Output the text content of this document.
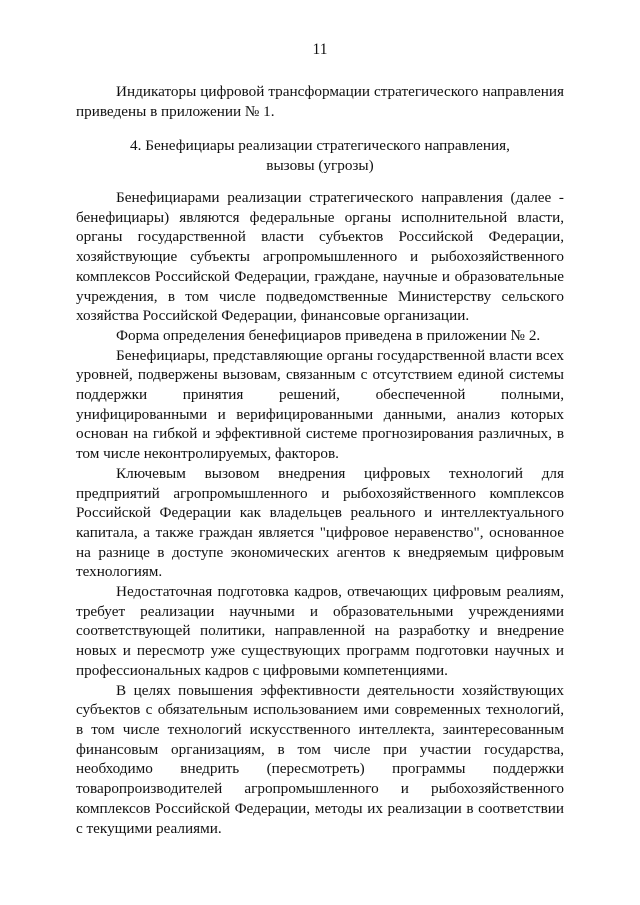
11

Индикаторы цифровой трансформации стратегического направления приведены в приложении № 1.

4. Бенефициары реализации стратегического направления,
вызовы (угрозы)

Бенефициарами реализации стратегического направления (далее - бенефициары) являются федеральные органы исполнительной власти, органы государственной власти субъектов Российской Федерации, хозяйствующие субъекты агропромышленного и рыбохозяйственного комплексов Российской Федерации, граждане, научные и образовательные учреждения, в том числе подведомственные Министерству сельского хозяйства Российской Федерации, финансовые организации.

Форма определения бенефициаров приведена в приложении № 2.

Бенефициары, представляющие органы государственной власти всех уровней, подвержены вызовам, связанным с отсутствием единой системы поддержки принятия решений, обеспеченной полными, унифицированными и верифицированными данными, анализ которых основан на гибкой и эффективной системе прогнозирования различных, в том числе неконтролируемых, факторов.

Ключевым вызовом внедрения цифровых технологий для предприятий агропромышленного и рыбохозяйственного комплексов Российской Федерации как владельцев реального и интеллектуального капитала, а также граждан является "цифровое неравенство", основанное на разнице в доступе экономических агентов к внедряемым цифровым технологиям.

Недостаточная подготовка кадров, отвечающих цифровым реалиям, требует реализации научными и образовательными учреждениями соответствующей политики, направленной на разработку и внедрение новых и пересмотр уже существующих программ подготовки научных и профессиональных кадров с цифровыми компетенциями.

В целях повышения эффективности деятельности хозяйствующих субъектов с обязательным использованием ими современных технологий, в том числе технологий искусственного интеллекта, заинтересованным финансовым организациям, в том числе при участии государства, необходимо внедрить (пересмотреть) программы поддержки товаропроизводителей агропромышленного и рыбохозяйственного комплексов Российской Федерации, методы их реализации в соответствии с текущими реалиями.
